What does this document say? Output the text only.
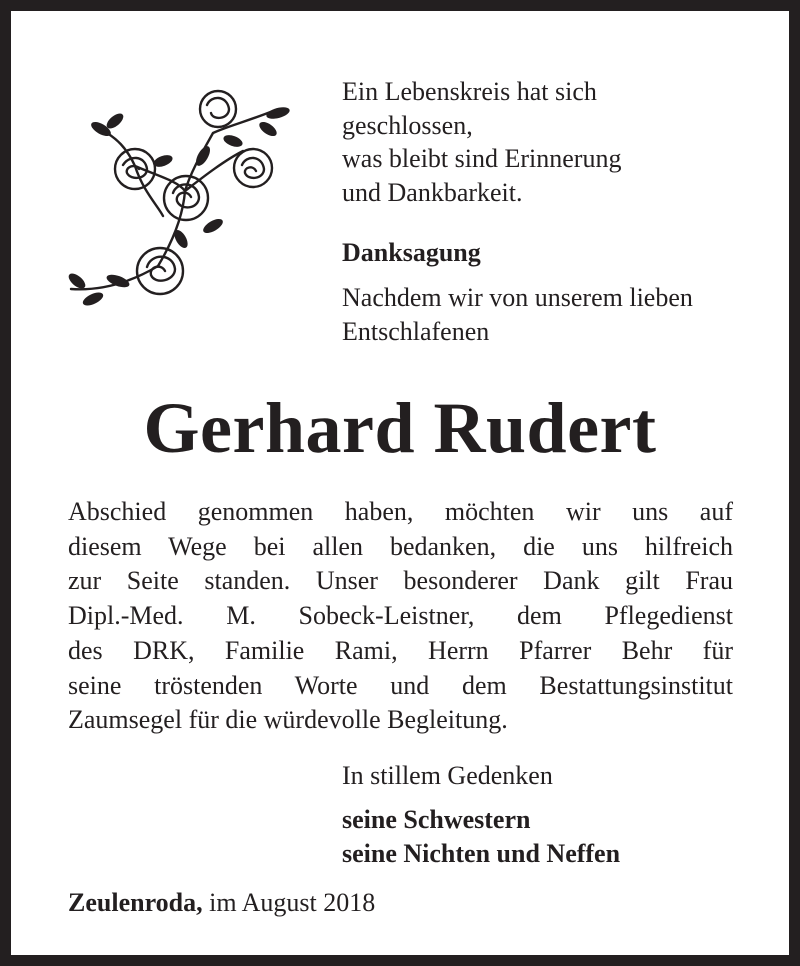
Ein Lebenskreis hat sich
geschlossen,
was bleibt sind Erinnerung
und Dankbarkeit.
Danksagung
Nachdem wir von unserem lieben
Entschlafenen
Gerhard Rudert
Abschied genommen haben, möchten wir uns auf
diesem Wege bei allen bedanken, die uns hilfreich
zur Seite standen. Unser besonderer Dank gilt Frau
Dipl.-Med. M. Sobeck-Leistner, dem Pflegedienst
des DRK, Familie Rami, Herrn Pfarrer Behr für
seine tröstenden Worte und dem Bestattungsinstitut
Zaumsegel für die würdevolle Begleitung.
In stillem Gedenken
seine Schwestern
seine Nichten und Neffen
Zeulenroda, im August 2018
